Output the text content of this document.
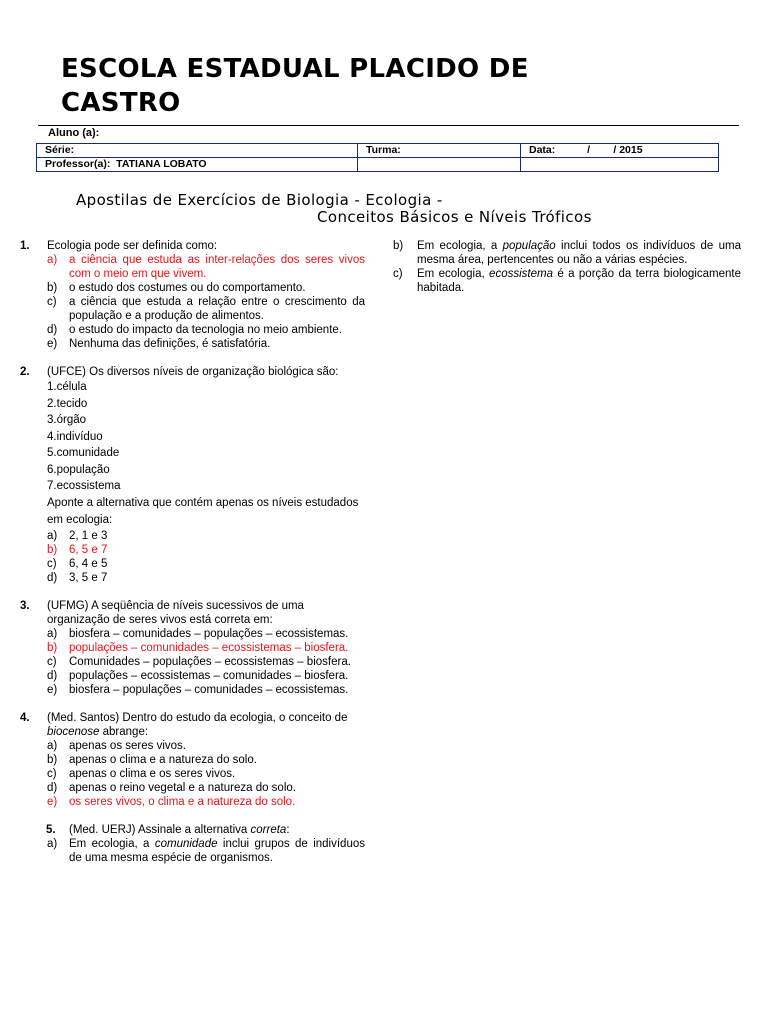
ESCOLA ESTADUAL PLACIDO DE
CASTRO
Aluno (a):
Série:	Turma:	Data: /        / 2015
Professor(a):  TATIANA LOBATO		
Apostilas de Exercícios de Biologia - Ecologia -
Conceitos Básicos e Níveis Tróficos
1. Ecologia pode ser definida como:
a) a ciência que estuda as inter-relações dos seres vivos com o meio em que vivem.
b) o estudo dos costumes ou do comportamento.
c) a ciência que estuda a relação entre o crescimento da população e a produção de alimentos.
d) o estudo do impacto da tecnologia no meio ambiente.
e) Nenhuma das definições, é satisfatória.
2. (UFCE) Os diversos níveis de organização biológica são:
1.célula
2.tecido
3.órgão
4.indivíduo
5.comunidade
6.população
7.ecossistema
Aponte a alternativa que contém apenas os níveis estudados em ecologia:
a) 2, 1 e 3
b) 6, 5 e 7
c) 6, 4 e 5
d) 3, 5 e 7
3. (UFMG) A seqüência de níveis sucessivos de uma organização de seres vivos está correta em:
a) biosfera – comunidades – populações – ecossistemas.
b) populações – comunidades – ecossistemas – biosfera.
c) Comunidades – populações – ecossistemas – biosfera.
d) populações – ecossistemas – comunidades – biosfera.
e) biosfera – populações – comunidades – ecossistemas.
4. (Med. Santos) Dentro do estudo da ecologia, o conceito de biocenose abrange:
a) apenas os seres vivos.
b) apenas o clima e a natureza do solo.
c) apenas o clima e os seres vivos.
d) apenas o reino vegetal e a natureza do solo.
e) os seres vivos, o clima e a natureza do solo.
5. (Med. UERJ) Assinale a alternativa correta:
a) Em ecologia, a comunidade inclui grupos de indivíduos de uma mesma espécie de organismos.
b) Em ecologia, a população inclui todos os indivíduos de uma mesma área, pertencentes ou não a várias espécies.
c) Em ecologia, ecossistema é a porção da terra biologicamente habitada.
